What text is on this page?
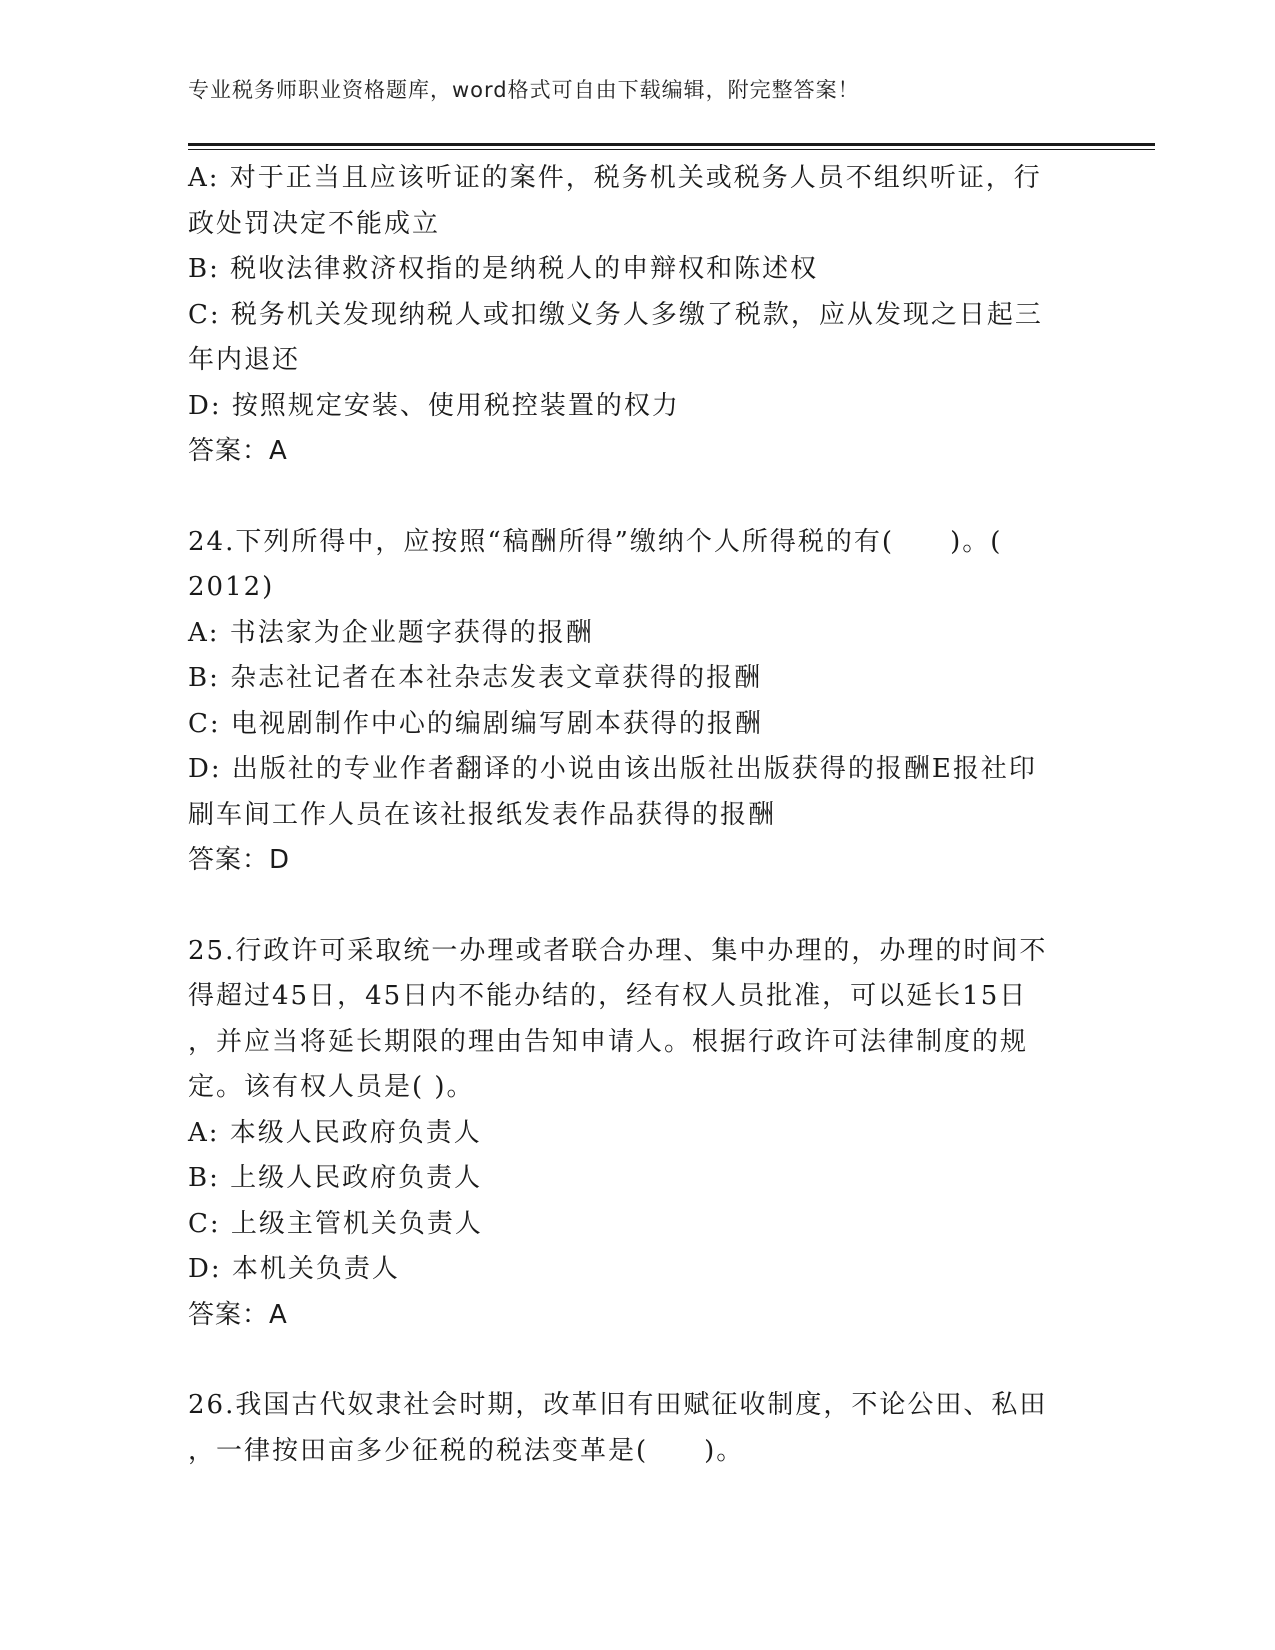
专业税务师职业资格题库，word格式可自由下载编辑，附完整答案！
A: 对于正当且应该听证的案件，税务机关或税务人员不组织听证，行
政处罚决定不能成立
B: 税收法律救济权指的是纳税人的申辩权和陈述权
C: 税务机关发现纳税人或扣缴义务人多缴了税款，应从发现之日起三
年内退还
D: 按照规定安装、使用税控装置的权力
答案：A
24.下列所得中，应按照“稿酬所得”缴纳个人所得税的有(　　)。(
2012)
A: 书法家为企业题字获得的报酬
B: 杂志社记者在本社杂志发表文章获得的报酬
C: 电视剧制作中心的编剧编写剧本获得的报酬
D: 出版社的专业作者翻译的小说由该出版社出版获得的报酬E报社印
刷车间工作人员在该社报纸发表作品获得的报酬
答案：D
25.行政许可采取统一办理或者联合办理、集中办理的，办理的时间不
得超过45日，45日内不能办结的，经有权人员批准，可以延长15日
，并应当将延长期限的理由告知申请人。根据行政许可法律制度的规
定。该有权人员是( )。
A: 本级人民政府负责人
B: 上级人民政府负责人
C: 上级主管机关负责人
D: 本机关负责人
答案：A
26.我国古代奴隶社会时期，改革旧有田赋征收制度，不论公田、私田
，一律按田亩多少征税的税法变革是(　　)。
